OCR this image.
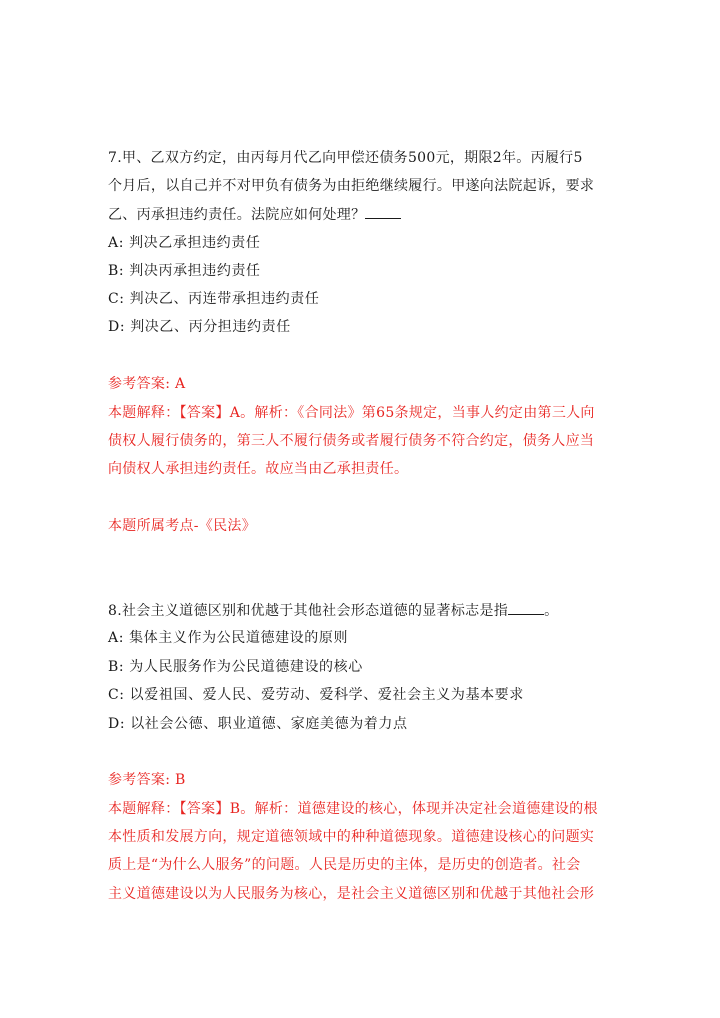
7.甲、乙双方约定，由丙每月代乙向甲偿还债务500元，期限2年。丙履行5
个月后，以自己并不对甲负有债务为由拒绝继续履行。甲遂向法院起诉，要求
乙、丙承担违约责任。法院应如何处理？
A: 判决乙承担违约责任
B: 判决丙承担违约责任
C: 判决乙、丙连带承担违约责任
D: 判决乙、丙分担违约责任
参考答案: A
本题解释：【答案】A。解析：《合同法》第65条规定，当事人约定由第三人向
债权人履行债务的，第三人不履行债务或者履行债务不符合约定，债务人应当
向债权人承担违约责任。故应当由乙承担责任。
本题所属考点-《民法》
8.社会主义道德区别和优越于其他社会形态道德的显著标志是指	。
A: 集体主义作为公民道德建设的原则
B: 为人民服务作为公民道德建设的核心
C: 以爱祖国、爱人民、爱劳动、爱科学、爱社会主义为基本要求
D: 以社会公德、职业道德、家庭美德为着力点
参考答案: B
本题解释：【答案】B。解析：道德建设的核心，体现并决定社会道德建设的根
本性质和发展方向，规定道德领域中的种种道德现象。道德建设核心的问题实
质上是“为什么人服务”的问题。人民是历史的主体，是历史的创造者。社会
主义道德建设以为人民服务为核心，是社会主义道德区别和优越于其他社会形
